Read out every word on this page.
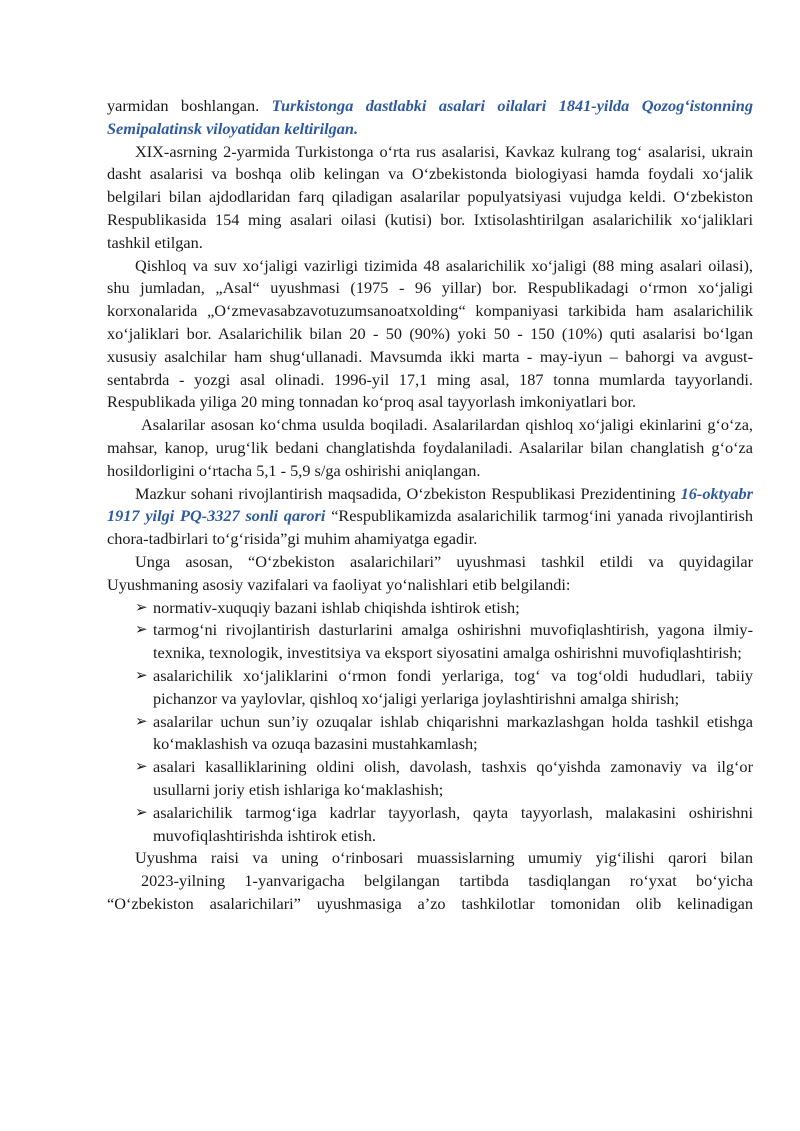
yarmidan boshlangan. Turkistonga dastlabki asalari oilalari 1841-yilda Qozog‘istonning Semipalatinsk viloyatidan keltirilgan.

XIX-asrning 2-yarmida Turkistonga o‘rta rus asalarisi, Kavkaz kulrang tog‘ asalarisi, ukrain dasht asalarisi va boshqa olib kelingan va O‘zbekistonda biologiyasi hamda foydali xo‘jalik belgilari bilan ajdodlaridan farq qiladigan asalarilar populyatsiyasi vujudga keldi. O‘zbekiston Respublikasida 154 ming asalari oilasi (kutisi) bor. Ixtisolashtirilgan asalarichilik xo‘jaliklari tashkil etilgan.

Qishloq va suv xo‘jaligi vazirligi tizimida 48 asalarichilik xo‘jaligi (88 ming asalari oilasi), shu jumladan, „Asal“ uyushmasi (1975 - 96 yillar) bor. Respublikadagi o‘rmon xo‘jaligi korxonalarida „O‘zmevasabzavotuzumsanoatxolding“ kompaniyasi tarkibida ham asalarichilik xo‘jaliklari bor. Asalarichilik bilan 20 - 50 (90%) yoki 50 - 150 (10%) quti asalarisi bo‘lgan xususiy asalchilar ham shug‘ullanadi. Mavsumda ikki marta - may-iyun – bahorgi va avgust-sentabrda - yozgi asal olinadi. 1996-yil 17,1 ming asal, 187 tonna mumlarda tayyorlandi. Respublikada yiliga 20 ming tonnadan ko‘proq asal tayyorlash imkoniyatlari bor.

Asalarilar asosan ko‘chma usulda boqiladi. Asalarilardan qishloq xo‘jaligi ekinlarini g‘o‘za, mahsar, kanop, urug‘lik bedani changlatishda foydalaniladi. Asalarilar bilan changlatish g‘o‘za hosildorligini o‘rtacha 5,1 - 5,9 s/ga oshirishi aniqlangan.

Mazkur sohani rivojlantirish maqsadida, O‘zbekiston Respublikasi Prezidentining 16-oktyabr 1917 yilgi PQ-3327 sonli qarori “Respublikamizda asalarichilik tarmog‘ini yanada rivojlantirish chora-tadbirlari to‘g‘risida”gi muhim ahamiyatga egadir.

Unga asosan, “O‘zbekiston asalarichilari” uyushmasi tashkil etildi va quyidagilar Uyushmaning asosiy vazifalari va faoliyat yo‘nalishlari etib belgilandi:

➢ normativ-xuquqiy bazani ishlab chiqishda ishtirok etish;
➢ tarmog‘ni rivojlantirish dasturlarini amalga oshirishni muvofiqlashtirish, yagona ilmiy-texnika, texnologik, investitsiya va eksport siyosatini amalga oshirishni muvofiqlashtirish;
➢ asalarichilik xo‘jaliklarini o‘rmon fondi yerlariga, tog‘ va tog‘oldi hududlari, tabiiy pichanzor va yaylovlar, qishloq xo‘jaligi yerlariga joylashtirishni amalga shirish;
➢ asalarilar uchun sun’iy ozuqalar ishlab chiqarishni markazlashgan holda tashkil etishga ko‘maklashish va ozuqa bazasini mustahkamlash;
➢ asalari kasalliklarining oldini olish, davolash, tashxis qo‘yishda zamonaviy va ilg‘or usullarni joriy etish ishlariga ko‘maklashish;
➢ asalarichilik tarmog‘iga kadrlar tayyorlash, qayta tayyorlash, malakasini oshirishni muvofiqlashtirishda ishtirok etish.

Uyushma raisi va uning o‘rinbosari muassislarning umumiy yig‘ilishi qarori bilan

2023-yilning 1-yanvarigacha belgilangan tartibda tasdiqlangan ro‘yxat bo‘yicha

“O‘zbekiston asalarichilari” uyushmasiga a’zo tashkilotlar tomonidan olib kelinadigan
